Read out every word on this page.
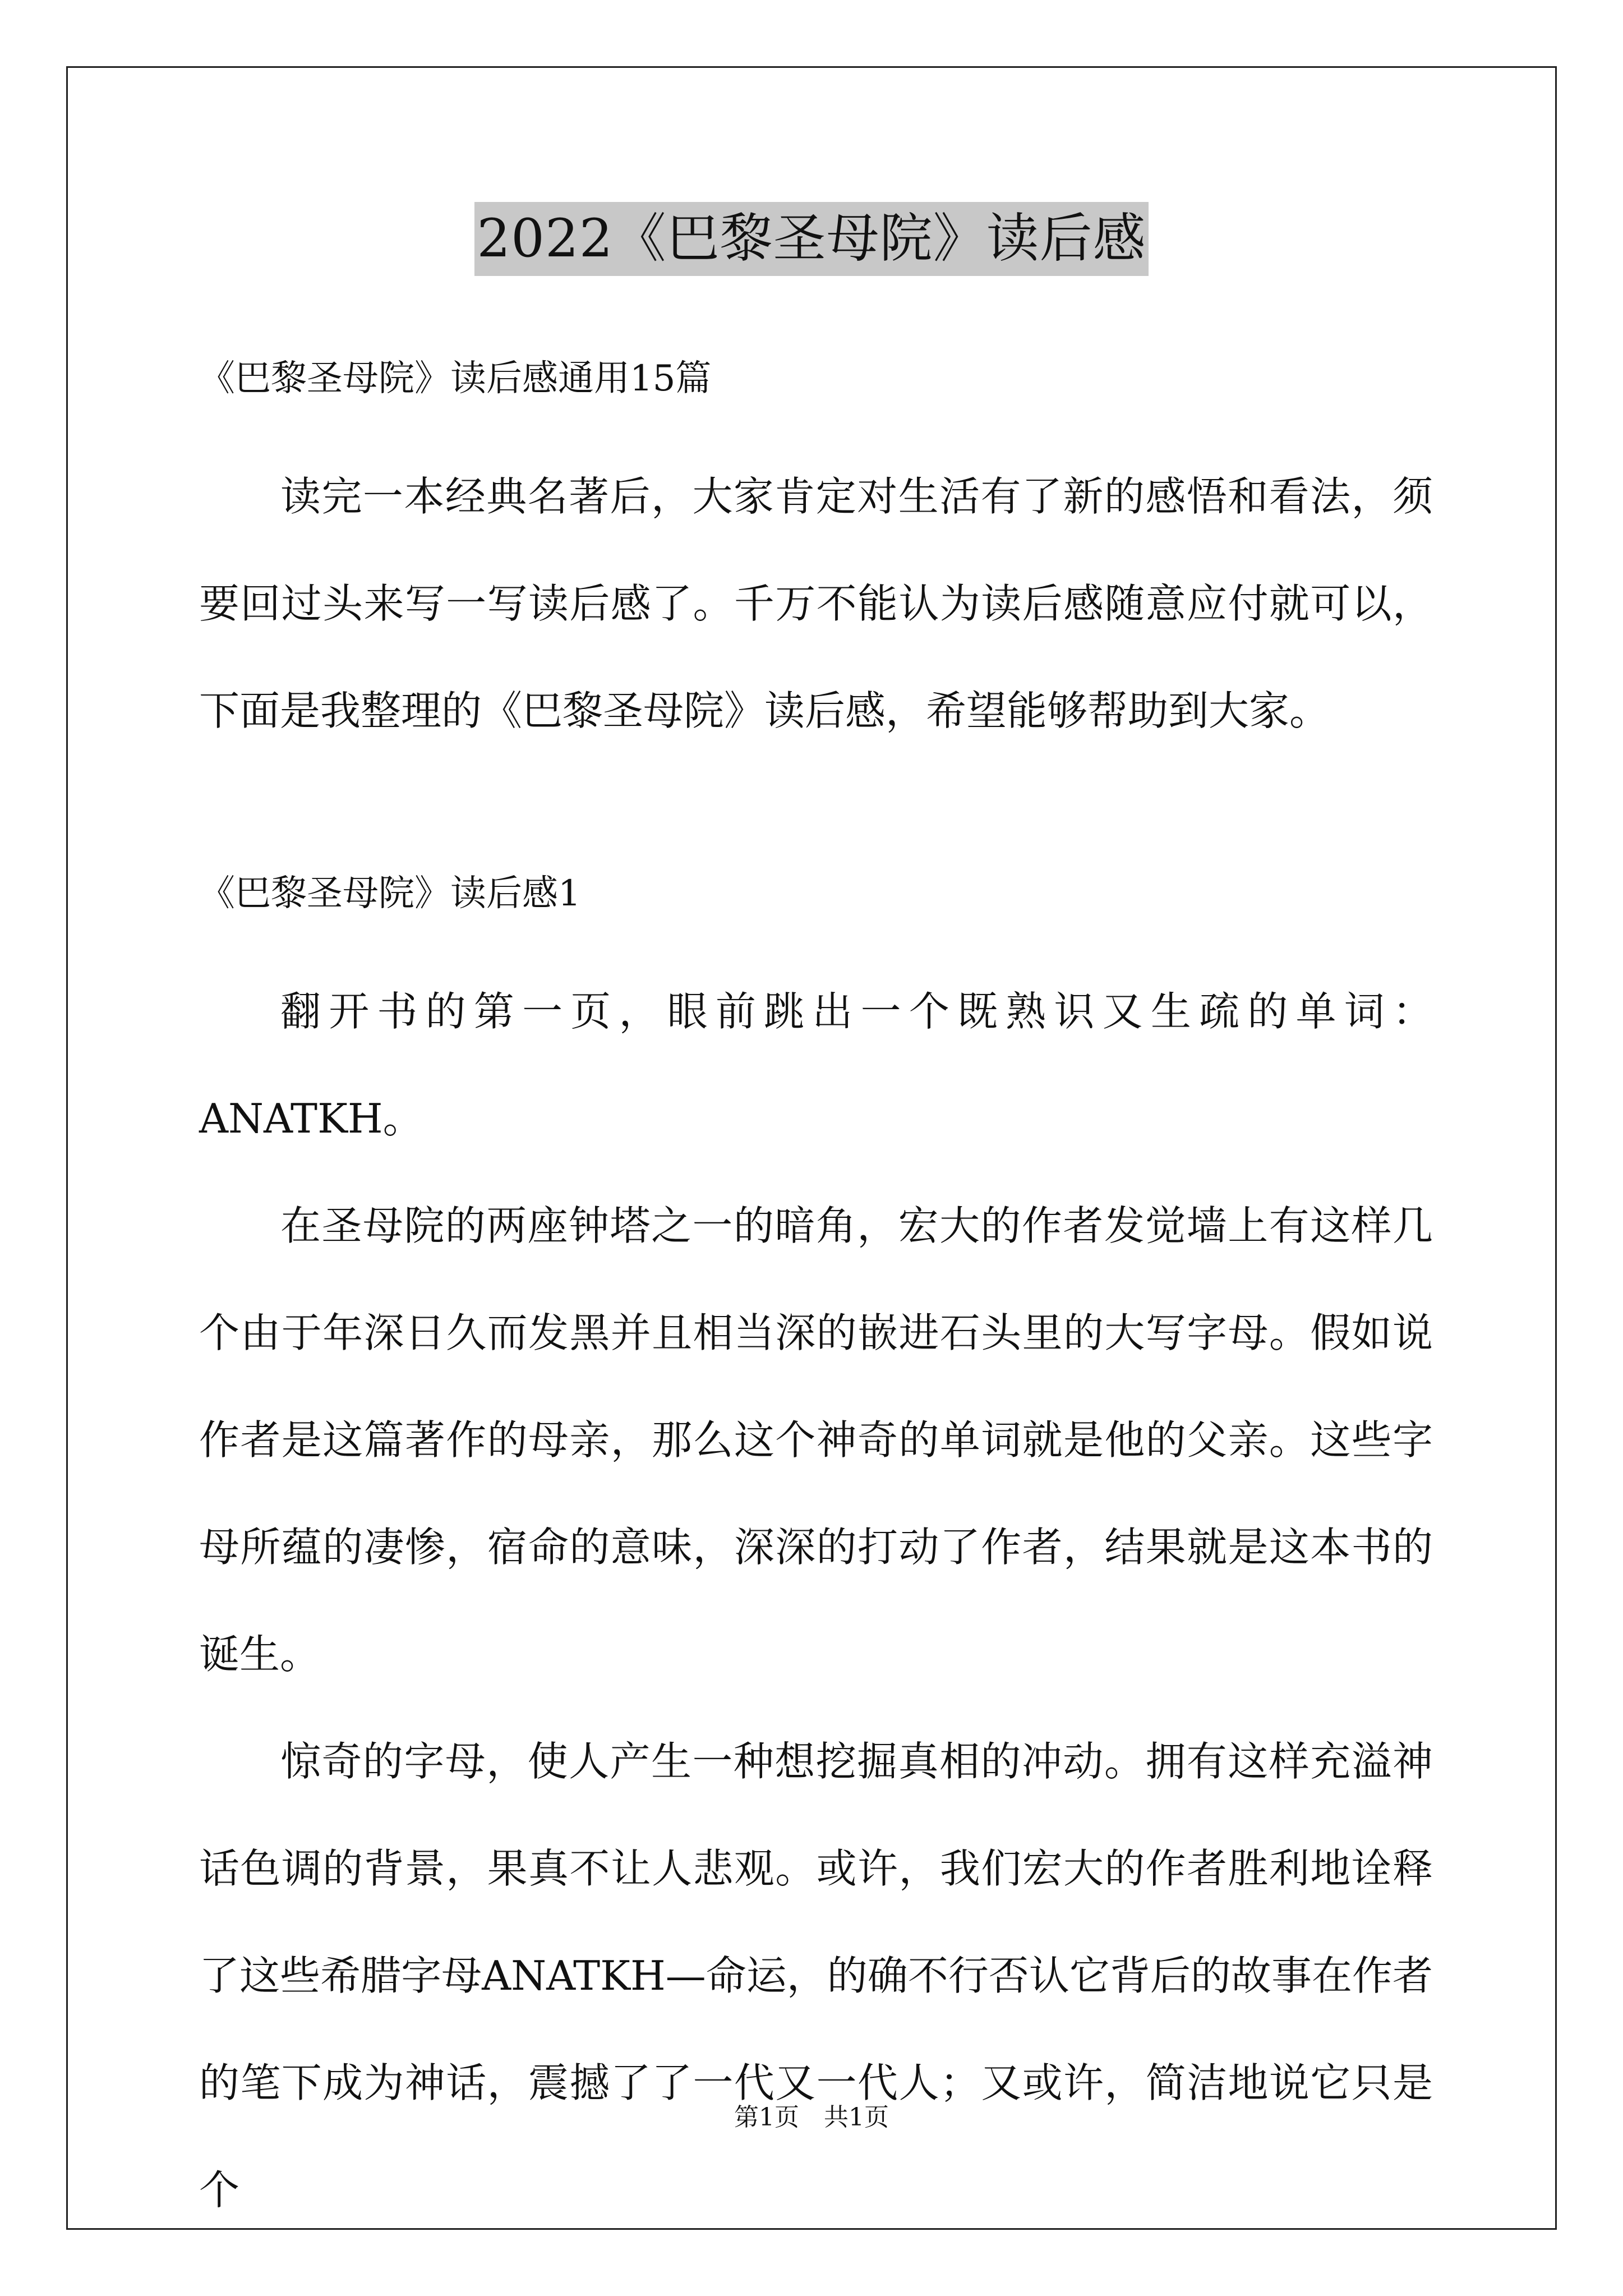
2022《巴黎圣母院》读后感

《巴黎圣母院》读后感通用15篇

读完一本经典名著后，大家肯定对生活有了新的感悟和看法，须要回过头来写一写读后感了。千万不能认为读后感随意应付就可以，下面是我整理的《巴黎圣母院》读后感，希望能够帮助到大家。

《巴黎圣母院》读后感1

翻开书的第一页，眼前跳出一个既熟识又生疏的单词：ANATKH。

在圣母院的两座钟塔之一的暗角，宏大的作者发觉墙上有这样几个由于年深日久而发黑并且相当深的嵌进石头里的大写字母。假如说作者是这篇著作的母亲，那么这个神奇的单词就是他的父亲。这些字母所蕴的凄惨，宿命的意味，深深的打动了作者，结果就是这本书的诞生。

惊奇的字母，使人产生一种想挖掘真相的冲动。拥有这样充溢神话色调的背景，果真不让人悲观。或许，我们宏大的作者胜利地诠释了这些希腊字母ANATKH—命运，的确不行否认它背后的故事在作者的笔下成为神话，震撼了了一代又一代人；又或许，简洁地说它只是个

第1页　共1页
